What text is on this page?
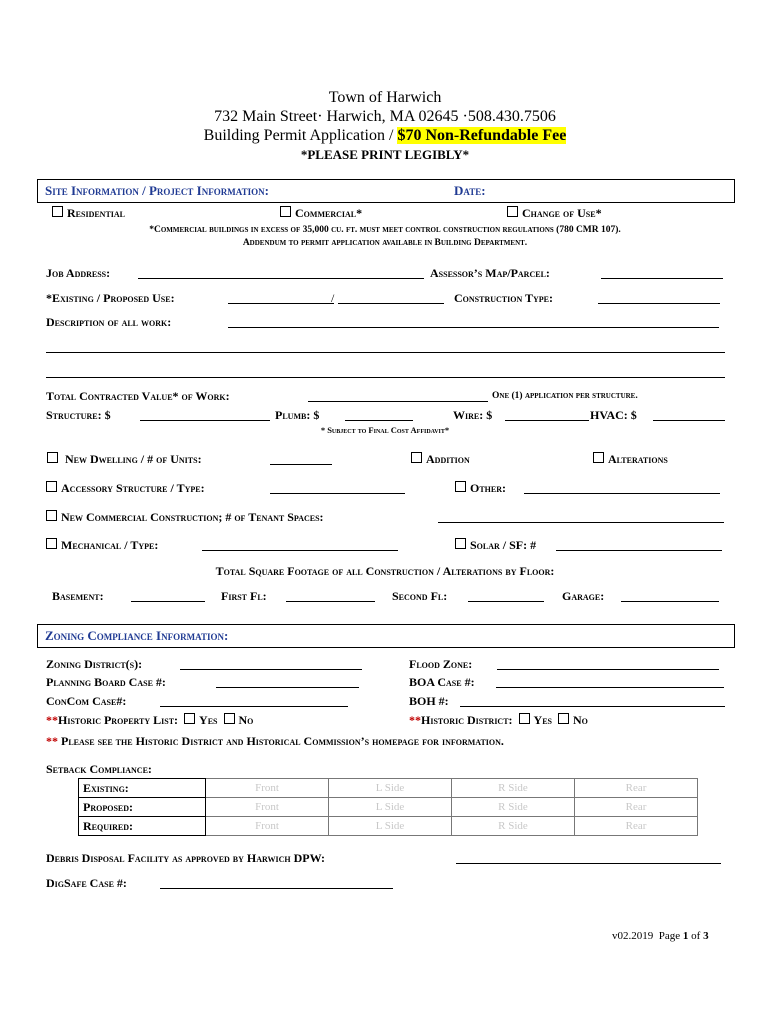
Town of Harwich
732 Main Street· Harwich, MA 02645 ·508.430.7506
Building Permit Application / $70 Non-Refundable Fee
*PLEASE PRINT LEGIBLY*
Site Information / Project Information:	Date:
Residential	Commercial*	Change of Use*
*Commercial buildings in excess of 35,000 cu. ft. must meet control construction regulations (780 CMR 107).
Addendum to permit application available in Building Department.
Job Address:	Assessor’s Map/Parcel:
*Existing / Proposed Use:	/	Construction Type:
Description of all work:
Total Contracted Value* of Work:	One (1) application per structure.
Structure: $	Plumb: $	Wire: $	HVAC: $
* Subject to Final Cost Affidavit*
New Dwelling / # of Units:	Addition	Alterations
Accessory Structure / Type:	Other:
New Commercial Construction; # of Tenant Spaces:
Mechanical / Type:	Solar / SF: #
Total Square Footage of all Construction / Alterations by Floor:
Basement:	First Fl:	Second Fl:	Garage:
Zoning Compliance Information:
Zoning District(s):	Flood Zone:
Planning Board Case #:	BOA Case #:
ConCom Case#:	BOH #:
**Historic Property List: Yes No	**Historic District: Yes No
** Please see the Historic District and Historical Commission’s homepage for information.
Setback Compliance:
Existing:	Front	L Side	R Side	Rear
Proposed:	Front	L Side	R Side	Rear
Required:	Front	L Side	R Side	Rear
Debris Disposal Facility as approved by Harwich DPW:
DigSafe Case #:
v02.2019 Page 1 of 3
